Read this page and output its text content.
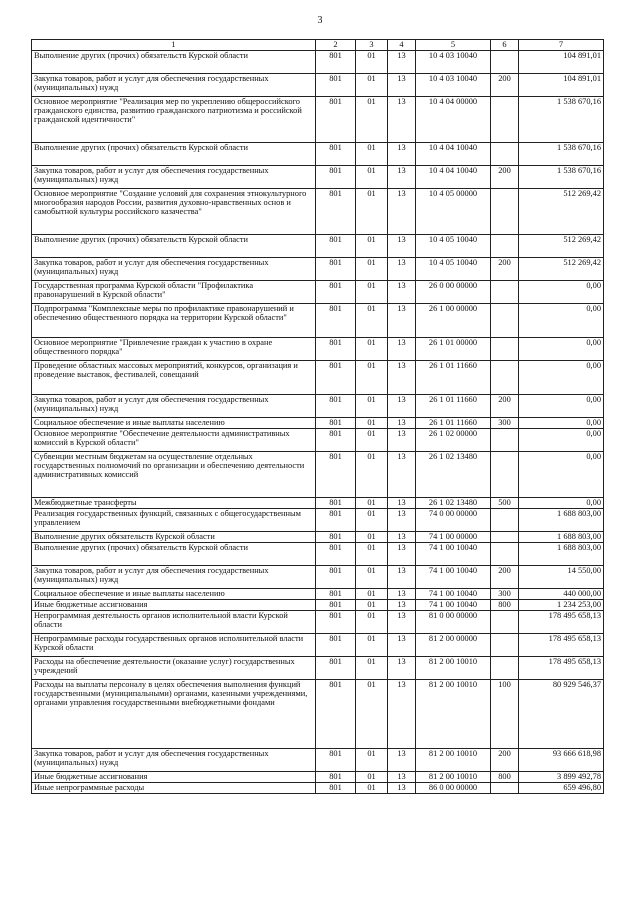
3
1	2	3	4	5	6	7
Выполнение других (прочих) обязательств Курской области	801	01	13	10 4 03 10040		104 891,01
Закупка товаров, работ и услуг для обеспечения государственных (муниципальных) нужд	801	01	13	10 4 03 10040	200	104 891,01
Основное мероприятие "Реализация мер по укреплению общероссийского гражданского единства, развитию гражданского патриотизма и российской гражданской идентичности"	801	01	13	10 4 04 00000		1 538 670,16
Выполнение других (прочих) обязательств Курской области	801	01	13	10 4 04 10040		1 538 670,16
Закупка товаров, работ и услуг для обеспечения государственных (муниципальных) нужд	801	01	13	10 4 04 10040	200	1 538 670,16
Основное мероприятие "Создание условий для сохранения этнокультурного многообразия народов России, развития духовно-нравственных основ и самобытной культуры российского казачества"	801	01	13	10 4 05 00000		512 269,42
Выполнение других (прочих) обязательств Курской области	801	01	13	10 4 05 10040		512 269,42
Закупка товаров, работ и услуг для обеспечения государственных (муниципальных) нужд	801	01	13	10 4 05 10040	200	512 269,42
Государственная программа Курской области "Профилактика правонарушений в Курской области"	801	01	13	26 0 00 00000		0,00
Подпрограмма "Комплексные меры по профилактике правонарушений и обеспечению общественного порядка на территории Курской области"	801	01	13	26 1 00 00000		0,00
Основное мероприятие "Привлечение граждан к участию в охране общественного порядка"	801	01	13	26 1 01 00000		0,00
Проведение областных массовых мероприятий, конкурсов, организация и проведение выставок, фестивалей, совещаний	801	01	13	26 1 01 11660		0,00
Закупка товаров, работ и услуг для обеспечения государственных (муниципальных) нужд	801	01	13	26 1 01 11660	200	0,00
Социальное обеспечение и иные выплаты населению	801	01	13	26 1 01 11660	300	0,00
Основное мероприятие "Обеспечение деятельности административных комиссий в Курской области"	801	01	13	26 1 02 00000		0,00
Субвенции местным бюджетам на осуществление отдельных государственных полномочий по организации и обеспечению деятельности административных комиссий	801	01	13	26 1 02 13480		0,00
Межбюджетные трансферты	801	01	13	26 1 02 13480	500	0,00
Реализация государственных функций, связанных с общегосударственным управлением	801	01	13	74 0 00 00000		1 688 803,00
Выполнение других обязательств Курской области	801	01	13	74 1 00 00000		1 688 803,00
Выполнение других (прочих) обязательств Курской области	801	01	13	74 1 00 10040		1 688 803,00
Закупка товаров, работ и услуг для обеспечения государственных (муниципальных) нужд	801	01	13	74 1 00 10040	200	14 550,00
Социальное обеспечение и иные выплаты населению	801	01	13	74 1 00 10040	300	440 000,00
Иные бюджетные ассигнования	801	01	13	74 1 00 10040	800	1 234 253,00
Непрограммная деятельность органов исполнительной власти Курской области	801	01	13	81 0 00 00000		178 495 658,13
Непрограммные расходы государственных органов исполнительной власти Курской области	801	01	13	81 2 00 00000		178 495 658,13
Расходы на обеспечение деятельности (оказание услуг) государственных учреждений	801	01	13	81 2 00 10010		178 495 658,13
Расходы на выплаты персоналу в целях обеспечения выполнения функций государственными (муниципальными) органами, казенными учреждениями, органами управления государственными внебюджетными фондами	801	01	13	81 2 00 10010	100	80 929 546,37
Закупка товаров, работ и услуг для обеспечения государственных (муниципальных) нужд	801	01	13	81 2 00 10010	200	93 666 618,98
Иные бюджетные ассигнования	801	01	13	81 2 00 10010	800	3 899 492,78
Иные непрограммные расходы	801	01	13	86 0 00 00000		659 496,80
